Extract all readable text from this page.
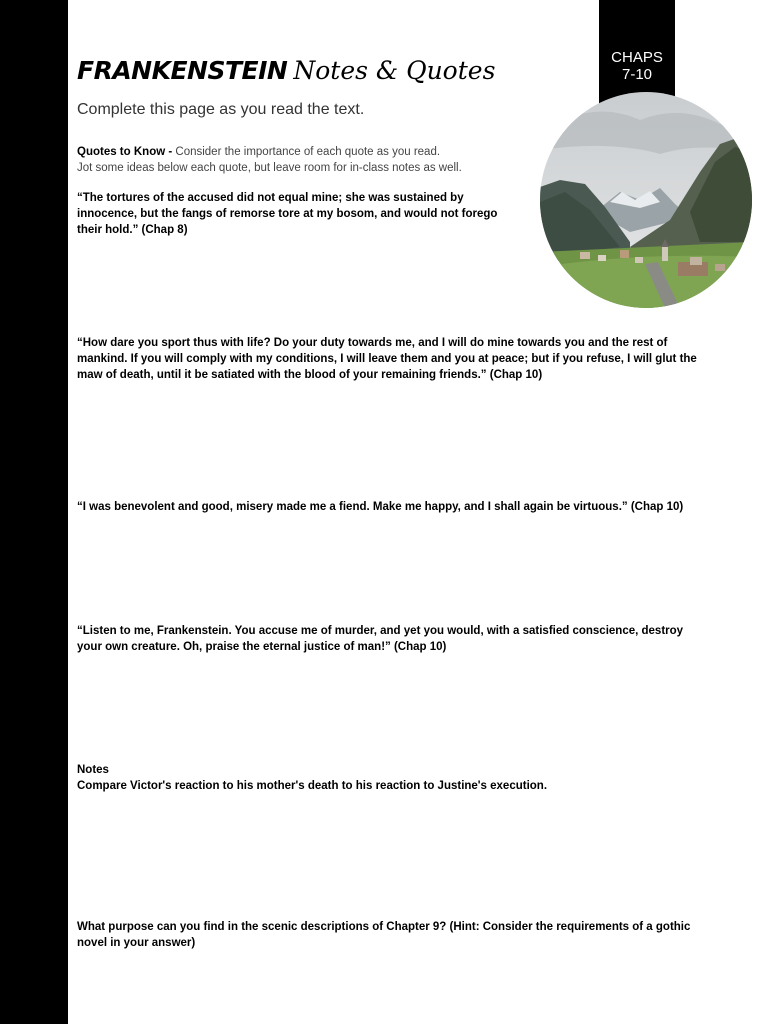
CHAPS
7-10
FRANKENSTEIN Notes & Quotes
Complete this page as you read the text.
Quotes to Know - Consider the importance of each quote as you read.
Jot some ideas below each quote, but leave room for in-class notes as well.
“The tortures of the accused did not equal mine; she was sustained by innocence, but the fangs of remorse tore at my bosom, and would not forego their hold.” (Chap 8)
“How dare you sport thus with life? Do your duty towards me, and I will do mine towards you and the rest of mankind. If you will comply with my conditions, I will leave them and you at peace; but if you refuse, I will glut the maw of death, until it be satiated with the blood of your remaining friends.” (Chap 10)
“I was benevolent and good, misery made me a fiend. Make me happy, and I shall again be virtuous.” (Chap 10)
“Listen to me, Frankenstein. You accuse me of murder, and yet you would, with a satisfied conscience, destroy your own creature. Oh, praise the eternal justice of man!” (Chap 10)
Notes
Compare Victor's reaction to his mother's death to his reaction to Justine's execution.
What purpose can you find in the scenic descriptions of Chapter 9? (Hint: Consider the requirements of a gothic novel in your answer)
